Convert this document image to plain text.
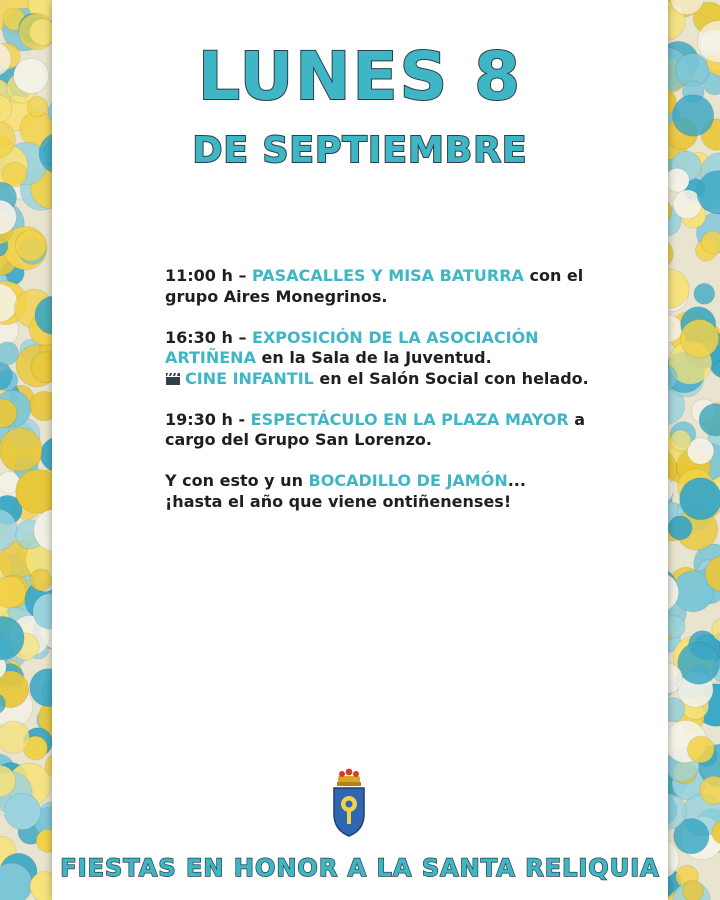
LUNES 8
DE SEPTIEMBRE

11:00 h – PASACALLES Y MISA BATURRA con el grupo Aires Monegrinos.

16:30 h – EXPOSICIÓN DE LA ASOCIACIÓN ARTIÑENA en la Sala de la Juventud.
CINE INFANTIL en el Salón Social con helado.

19:30 h - ESPECTÁCULO EN LA PLAZA MAYOR a cargo del Grupo San Lorenzo.

Y con esto y un BOCADILLO DE JAMÓN...
¡hasta el año que viene ontiñenenses!

FIESTAS EN HONOR A LA SANTA RELIQUIA
